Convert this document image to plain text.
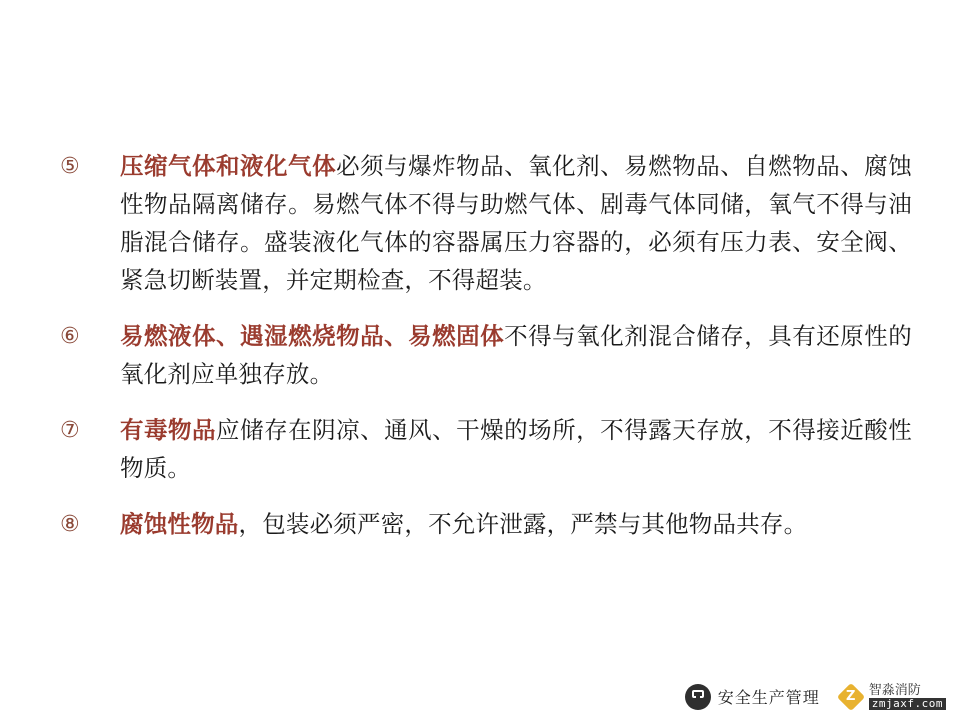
⑤	压缩气体和液化气体必须与爆炸物品、氧化剂、易燃物品、自燃物品、腐蚀性物品隔离储存。易燃气体不得与助燃气体、剧毒气体同储，氧气不得与油脂混合储存。盛装液化气体的容器属压力容器的，必须有压力表、安全阀、紧急切断装置，并定期检查，不得超装。
⑥	易燃液体、遇湿燃烧物品、易燃固体不得与氧化剂混合储存，具有还原性的氧化剂应单独存放。
⑦	有毒物品应储存在阴凉、通风、干燥的场所，不得露天存放，不得接近酸性物质。
⑧	腐蚀性物品，包装必须严密，不允许泄露，严禁与其他物品共存。
安全生产管理	Z	智淼消防
zmjaxf.com
